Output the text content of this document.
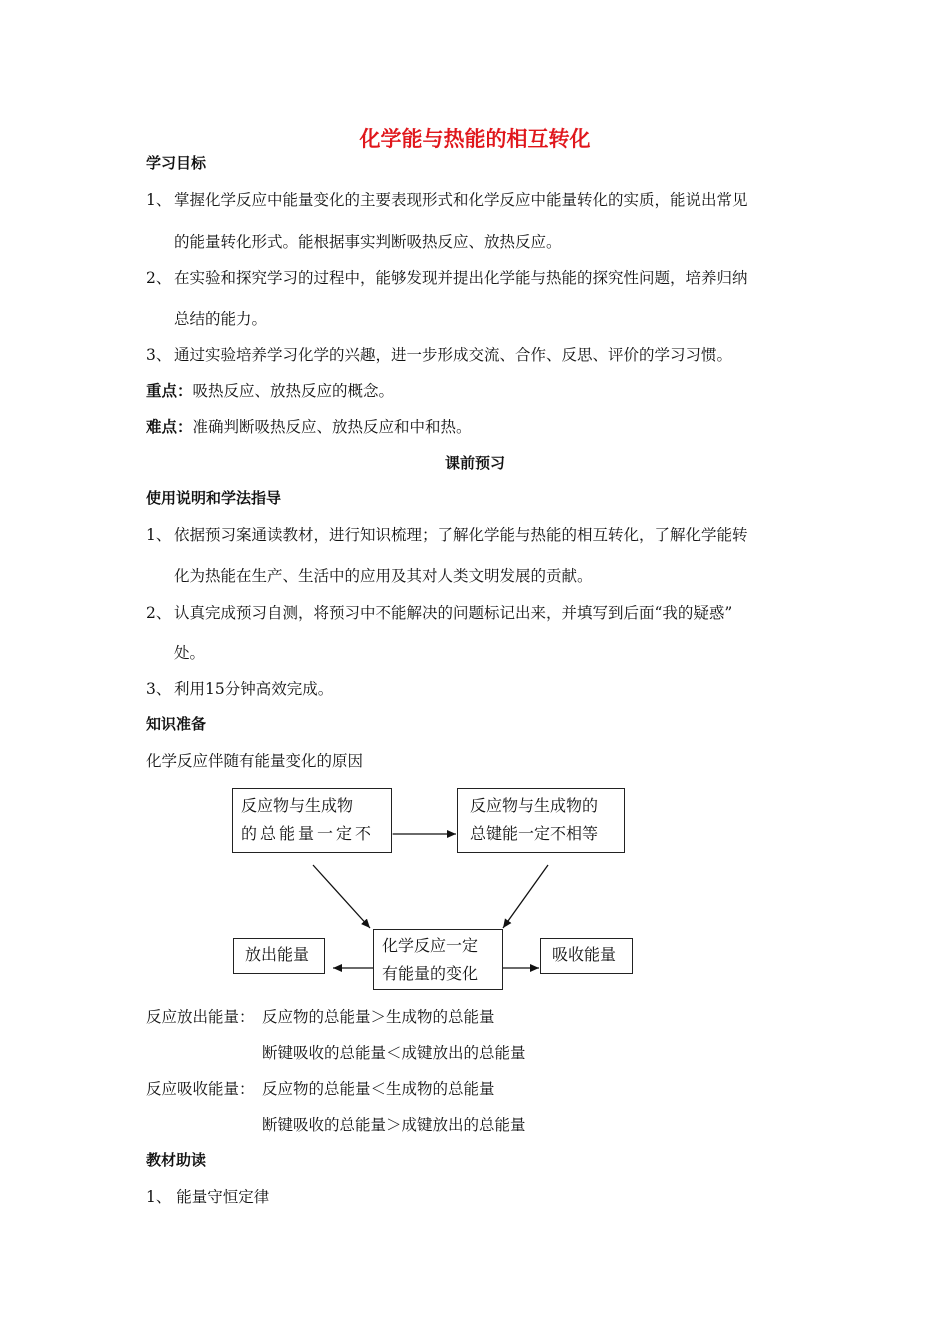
化学能与热能的相互转化
学习目标
1、 掌握化学反应中能量变化的主要表现形式和化学反应中能量转化的实质，能说出常见
的能量转化形式。能根据事实判断吸热反应、放热反应。
2、 在实验和探究学习的过程中，能够发现并提出化学能与热能的探究性问题，培养归纳
总结的能力。
3、 通过实验培养学习化学的兴趣，进一步形成交流、合作、反思、评价的学习习惯。
重点：吸热反应、放热反应的概念。
难点：准确判断吸热反应、放热反应和中和热。
课前预习
使用说明和学法指导
1、 依据预习案通读教材，进行知识梳理；了解化学能与热能的相互转化，了解化学能转
化为热能在生产、生活中的应用及其对人类文明发展的贡献。
2、 认真完成预习自测，将预习中不能解决的问题标记出来，并填写到后面“我的疑惑”
处。
3、 利用15分钟高效完成。
知识准备
化学反应伴随有能量变化的原因
反应物与生成物
的总能量一定不
反应物与生成物的
总键能一定不相等
化学反应一定
有能量的变化
放出能量	吸收能量
反应放出能量： 反应物的总能量＞生成物的总能量
断键吸收的总能量＜成键放出的总能量
反应吸收能量： 反应物的总能量＜生成物的总能量
断键吸收的总能量＞成键放出的总能量
教材助读
1、 能量守恒定律
